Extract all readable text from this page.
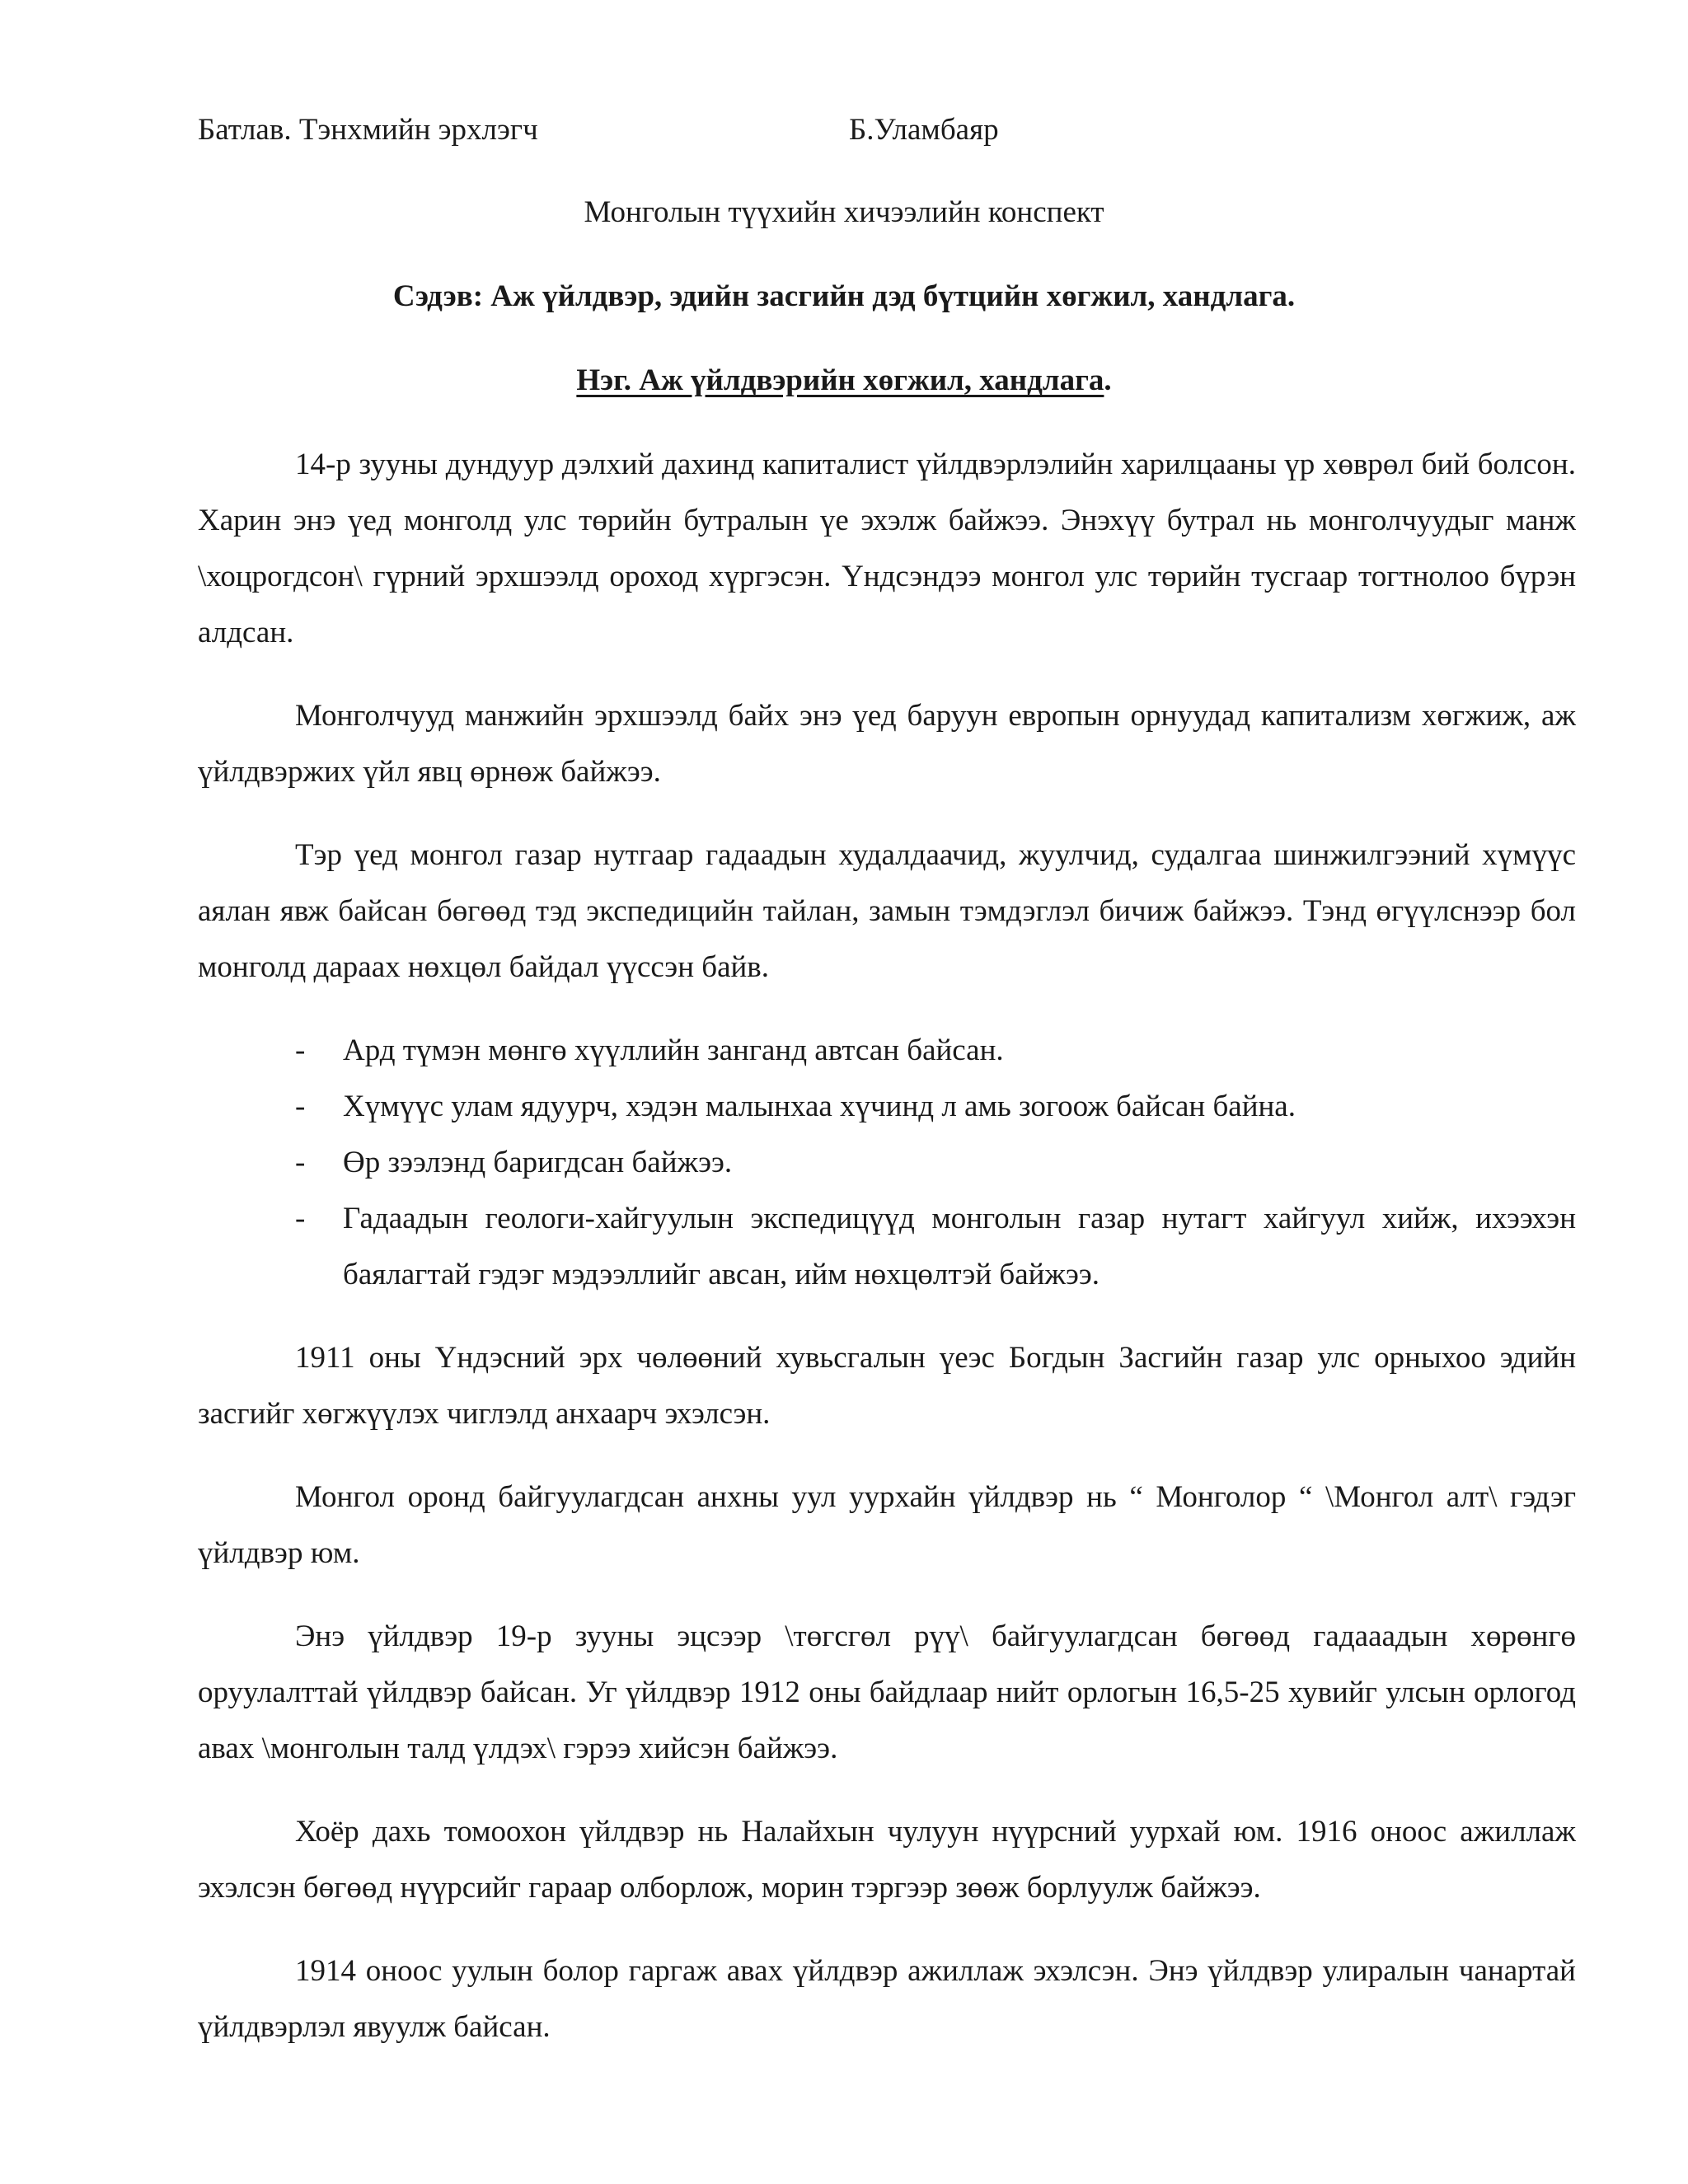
Батлав. Тэнхмийн эрхлэгч	Б.Уламбаяр
Монголын түүхийн хичээлийн конспект
Сэдэв: Аж үйлдвэр, эдийн засгийн дэд бүтцийн хөгжил, хандлага.
Нэг. Аж үйлдвэрийн хөгжил, хандлага.

14-р зууны дундуур дэлхий дахинд капиталист үйлдвэрлэлийн харилцааны үр хөврөл бий болсон. Харин энэ үед монголд улс төрийн бутралын үе эхэлж байжээ. Энэхүү бутрал нь монголчуудыг манж \хоцрогдсон\ гүрний эрхшээлд ороход хүргэсэн. Үндсэндээ монгол улс төрийн тусгаар тогтнолоо бүрэн алдсан.

Монголчууд манжийн эрхшээлд байх энэ үед баруун европын орнуудад капитализм хөгжиж, аж үйлдвэржих үйл явц өрнөж байжээ.

Тэр үед монгол газар нутгаар гадаадын худалдаачид, жуулчид, судалгаа шинжилгээний хүмүүс аялан явж байсан бөгөөд тэд экспедицийн тайлан, замын тэмдэглэл бичиж байжээ. Тэнд өгүүлснээр бол монголд дараах нөхцөл байдал үүссэн байв.

- Ард түмэн мөнгө хүүллийн занганд автсан байсан.
- Хүмүүс улам ядуурч, хэдэн малынхаа хүчинд л амь зогоож байсан байна.
- Өр зээлэнд баригдсан байжээ.
- Гадаадын геологи-хайгуулын экспедицүүд монголын газар нутагт хайгуул хийж, ихээхэн баялагтай гэдэг мэдээллийг авсан, ийм нөхцөлтэй байжээ.

1911 оны Үндэсний эрх чөлөөний хувьсгалын үеэс Богдын Засгийн газар улс орныхоо эдийн засгийг хөгжүүлэх чиглэлд анхаарч эхэлсэн.

Монгол оронд байгуулагдсан анхны уул уурхайн үйлдвэр нь “ Монголор “ \Монгол алт\ гэдэг үйлдвэр юм.

Энэ үйлдвэр 19-р зууны эцсээр \төгсгөл рүү\ байгуулагдсан бөгөөд гадааадын хөрөнгө оруулалттай үйлдвэр байсан. Уг үйлдвэр 1912 оны байдлаар нийт орлогын 16,5-25 хувийг улсын орлогод авах \монголын талд үлдэх\ гэрээ хийсэн байжээ.

Хоёр дахь томоохон үйлдвэр нь Налайхын чулуун нүүрсний уурхай юм. 1916 оноос ажиллаж эхэлсэн бөгөөд нүүрсийг гараар олборлож, морин тэргээр зөөж борлуулж байжээ.

1914 оноос уулын болор гаргаж авах үйлдвэр ажиллаж эхэлсэн. Энэ үйлдвэр улиралын чанартай үйлдвэрлэл явуулж байсан.
